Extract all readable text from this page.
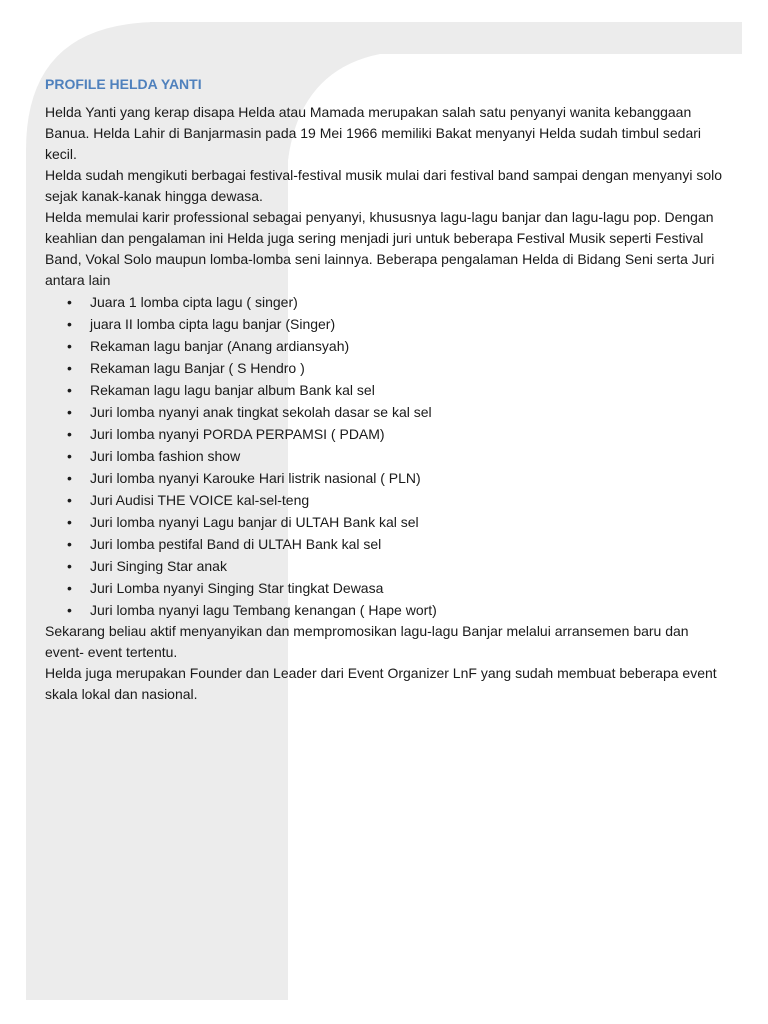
PROFILE HELDA YANTI

Helda Yanti yang kerap disapa Helda atau Mamada merupakan salah satu penyanyi wanita kebanggaan Banua. Helda Lahir di Banjarmasin pada 19 Mei 1966 memiliki Bakat menyanyi Helda sudah timbul sedari kecil.

Helda sudah mengikuti berbagai festival-festival musik mulai dari festival band sampai dengan menyanyi solo sejak kanak-kanak hingga dewasa.

Helda memulai karir professional sebagai penyanyi, khususnya lagu-lagu banjar dan lagu-lagu pop. Dengan keahlian dan pengalaman ini Helda juga sering menjadi juri untuk beberapa Festival Musik seperti Festival Band, Vokal Solo maupun lomba-lomba seni lainnya. Beberapa pengalaman Helda di Bidang Seni serta Juri antara lain

• Juara 1 lomba cipta lagu ( singer)
• juara II lomba cipta lagu banjar (Singer)
• Rekaman lagu banjar (Anang ardiansyah)
• Rekaman lagu Banjar ( S Hendro )
• Rekaman lagu lagu banjar album Bank kal sel
• Juri lomba nyanyi anak tingkat sekolah dasar se kal sel
• Juri lomba nyanyi PORDA PERPAMSI ( PDAM)
• Juri lomba fashion show
• Juri lomba nyanyi Karouke Hari listrik nasional ( PLN)
• Juri Audisi THE VOICE kal-sel-teng
• Juri lomba nyanyi Lagu banjar di ULTAH Bank kal sel
• Juri lomba pestifal Band di ULTAH Bank kal sel
• Juri Singing Star anak
• Juri Lomba nyanyi Singing Star tingkat Dewasa
• Juri lomba nyanyi lagu Tembang kenangan ( Hape wort)

Sekarang beliau aktif menyanyikan dan mempromosikan lagu-lagu Banjar melalui arransemen baru dan event- event tertentu.

Helda juga merupakan Founder dan Leader dari Event Organizer LnF yang sudah membuat beberapa event skala lokal dan nasional.
